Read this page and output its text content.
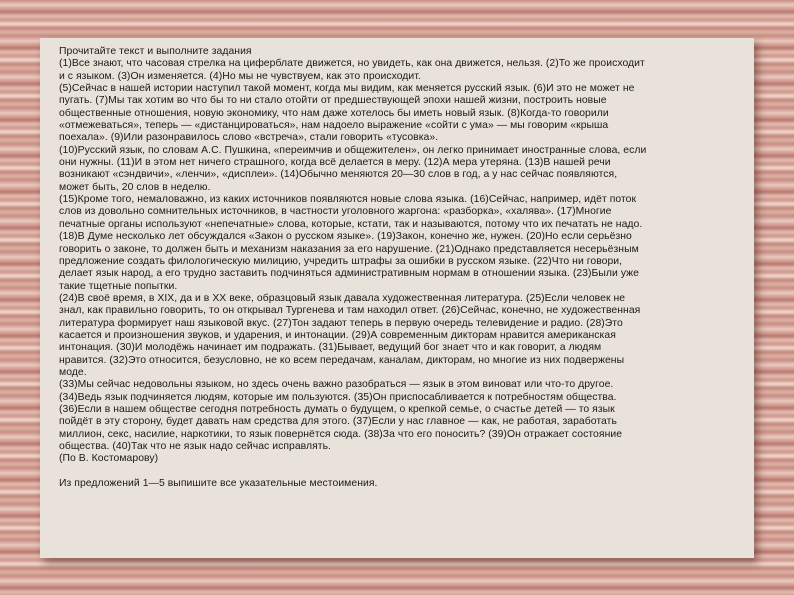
Прочитайте текст и выполните задания
(1)Все знают, что часовая стрелка на циферблате движется, но увидеть, как она движется, нельзя. (2)То же происходит
и с языком. (3)Он изменяется. (4)Но мы не чувствуем, как это происходит.
(5)Сейчас в нашей истории наступил такой момент, когда мы видим, как меняется русский язык. (6)И это не может не
пугать. (7)Мы так хотим во что бы то ни стало отойти от предшествующей эпохи нашей жизни, построить новые
общественные отношения, новую экономику, что нам даже хотелось бы иметь новый язык. (8)Когда-то говорили
«отмежеваться», теперь — «дистанцироваться», нам надоело выражение «сойти с ума» — мы говорим «крыша
поехала». (9)Или разонравилось слово «встреча», стали говорить «тусовка».
(10)Русский язык, по словам А.С. Пушкина, «переимчив и общежителен», он легко принимает иностранные слова, если
они нужны. (11)И в этом нет ничего страшного, когда всё делается в меру. (12)А мера утеряна. (13)В нашей речи
возникают «сэндвичи», «ленчи», «дисплеи». (14)Обычно меняются 20—30 слов в год, а у нас сейчас появляются,
может быть, 20 слов в неделю.
(15)Кроме того, немаловажно, из каких источников появляются новые слова языка. (16)Сейчас, например, идёт поток
слов из довольно сомнительных источников, в частности уголовного жаргона: «разборка», «халява». (17)Многие
печатные органы используют «непечатные» слова, которые, кстати, так и называются, потому что их печатать не надо.
(18)В Думе несколько лет обсуждался «Закон о русском языке». (19)Закон, конечно же, нужен. (20)Но если серьёзно
говорить о законе, то должен быть и механизм наказания за его нарушение. (21)Однако представляется несерьёзным
предложение создать филологическую милицию, учредить штрафы за ошибки в русском языке. (22)Что ни говори,
делает язык народ, а его трудно заставить подчиняться административным нормам в отношении языка. (23)Были уже
такие тщетные попытки.
(24)В своё время, в XIX, да и в XX веке, образцовый язык давала художественная литература. (25)Если человек не
знал, как правильно говорить, то он открывал Тургенева и там находил ответ. (26)Сейчас, конечно, не художественная
литература формирует наш языковой вкус. (27)Тон задают теперь в первую очередь телевидение и радио. (28)Это
касается и произношения звуков, и ударения, и интонации. (29)А современным дикторам нравится американская
интонация. (30)И молодёжь начинает им подражать. (31)Бывает, ведущий бог знает что и как говорит, а людям
нравится. (32)Это относится, безусловно, не ко всем передачам, каналам, дикторам, но многие из них подвержены
моде.
(33)Мы сейчас недовольны языком, но здесь очень важно разобраться — язык в этом виноват или что-то другое.
(34)Ведь язык подчиняется людям, которые им пользуются. (35)Он приспосабливается к потребностям общества.
(36)Если в нашем обществе сегодня потребность думать о будущем, о крепкой семье, о счастье детей — то язык
пойдёт в эту сторону, будет давать нам средства для этого. (37)Если у нас главное — как, не работая, заработать
миллион, секс, насилие, наркотики, то язык повернётся сюда. (38)За что его поносить? (39)Он отражает состояние
общества. (40)Так что не язык надо сейчас исправлять.
(По В. Костомарову)
Из предложений 1—5 выпишите все указательные местоимения.
